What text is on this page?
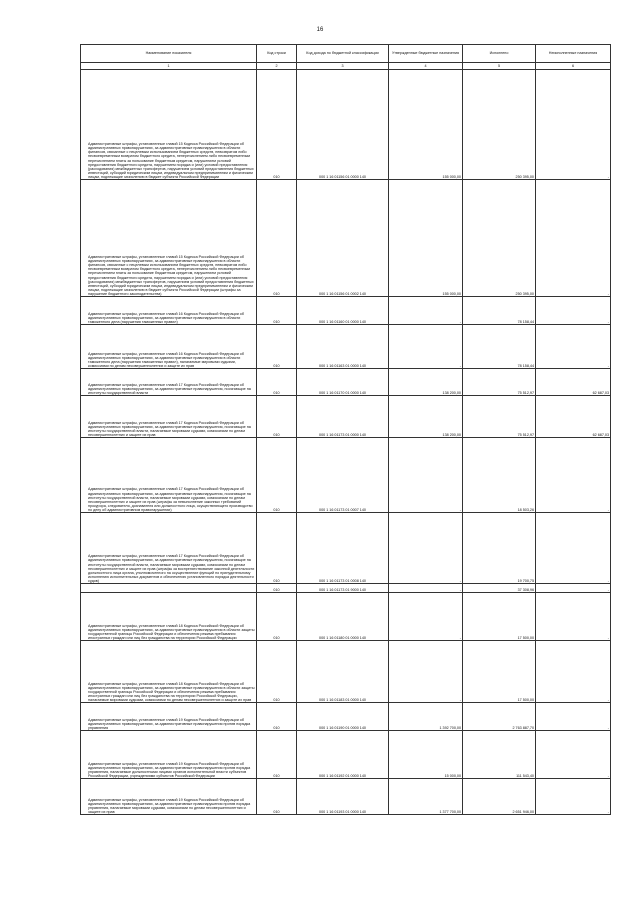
16
Наименование показателя	Код строки	Код дохода по бюджетной классификации	Утвержденные бюджетные назначения	Исполнено	Неисполненные назначения
1	2	3	4	5	6

Административные штрафы, установленные главой 15 Кодекса Российской Федерации об административных правонарушениях, за административные правонарушения в области финансов, связанные с нецелевым использованием бюджетных средств, невозвратом либо несвоевременным возвратом бюджетного кредита, неперечислением либо несвоевременным перечислением платы за пользование бюджетным кредитом, нарушением условий предоставления бюджетного кредита, нарушением порядка и (или) условий предоставления (расходования) межбюджетных трансфертов, нарушением условий предоставления бюджетных инвестиций, субсидий юридическим лицам, индивидуальным предпринимателям и физическим лицам, подлежащие зачислению в бюджет субъекта Российской Федерации	010	000 1 16 01156 01 0000 140	155 000,00	250 395,00	-

Административные штрафы, установленные главой 15 Кодекса Российской Федерации об административных правонарушениях, за административные правонарушения в области финансов, связанные с нецелевым использованием бюджетных средств, невозвратом либо несвоевременным возвратом бюджетного кредита, неперечислением либо несвоевременным перечислением платы за пользование бюджетным кредитом, нарушением условий предоставления бюджетного кредита, нарушением порядка и (или) условий предоставления (расходования) межбюджетных трансфертов, нарушением условий предоставления бюджетных инвестиций, субсидий юридическим лицам, индивидуальным предпринимателям и физическим лицам, подлежащие зачислению в бюджет субъекта Российской Федерации (штрафы за нарушение бюджетного законодательства)	010	000 1 16 01156 01 0002 140	155 000,00	250 395,00	-

Административные штрафы, установленные главой 16 Кодекса Российской Федерации об административных правонарушениях, за административные правонарушения в области таможенного дела (нарушения таможенных правил)	010	000 1 16 01160 01 0000 140	-	78 158,44	-

Административные штрафы, установленные главой 16 Кодекса Российской Федерации об административных правонарушениях, за административные правонарушения в области таможенного дела (нарушения таможенных правил), налагаемые мировыми судьями, комиссиями по делам несовершеннолетних и защите их прав	010	000 1 16 01163 01 0000 140	-	78 158,44	-

Административные штрафы, установленные главой 17 Кодекса Российской Федерации об административных правонарушениях, за административные правонарушения, посягающие на институты государственной власти	010	000 1 16 01170 01 0000 140	138 200,00	75 512,97	62 687,03

Административные штрафы, установленные главой 17 Кодекса Российской Федерации об административных правонарушениях, за административные правонарушения, посягающие на институты государственной власти, налагаемые мировыми судьями, комиссиями по делам несовершеннолетних и защите их прав	010	000 1 16 01173 01 0000 140	138 200,00	75 512,97	62 687,03

Административные штрафы, установленные главой 17 Кодекса Российской Федерации об административных правонарушениях, за административные правонарушения, посягающие на институты государственной власти, налагаемые мировыми судьями, комиссиями по делам несовершеннолетних и защите их прав (штрафы за невыполнение законных требований прокурора, следователя, дознавателя или должностного лица, осуществляющего производство по делу об административном правонарушении)	010	000 1 16 01173 01 0007 140	-	18 503,26	-

Административные штрафы, установленные главой 17 Кодекса Российской Федерации об административных правонарушениях, за административные правонарушения, посягающие на институты государственной власти, налагаемые мировыми судьями, комиссиями по делам несовершеннолетних и защите их прав (штрафы за воспрепятствование законной деятельности должностного лица органа, уполномоченного на осуществление функций по принудительному исполнению исполнительных документов и обеспечению установленного порядка деятельности судов)	010	000 1 16 01173 01 0008 140	-	19 700,75	-

	010	000 1 16 01173 01 9000 140	-	37 308,96	-

Административные штрафы, установленные главой 18 Кодекса Российской Федерации об административных правонарушениях, за административные правонарушения в области защиты государственной границы Российской Федерации и обеспечения режима пребывания иностранных граждан или лиц без гражданства на территории Российской Федерации	010	000 1 16 01180 01 0000 140	-	17 500,00	-

Административные штрафы, установленные главой 18 Кодекса Российской Федерации об административных правонарушениях, за административные правонарушения в области защиты государственной границы Российской Федерации и обеспечения режима пребывания иностранных граждан или лиц без гражданства на территории Российской Федерации, налагаемые мировыми судьями, комиссиями по делам несовершеннолетних и защите их прав	010	000 1 16 01183 01 0000 140	-	17 500,00	-

Административные штрафы, установленные главой 19 Кодекса Российской Федерации об административных правонарушениях, за административные правонарушения против порядка управления	010	000 1 16 01190 01 0000 140	1 392 700,00	2 763 887,70	-

Административные штрафы, установленные главой 19 Кодекса Российской Федерации об административных правонарушениях, за административные правонарушения против порядка управления, налагаемые должностными лицами органов исполнительной власти субъектов Российской Федерации, учреждениями субъектов Российской Федерации	010	000 1 16 01192 01 0000 140	15 000,00	111 543,40	-

Административные штрафы, установленные главой 19 Кодекса Российской Федерации об административных правонарушениях, за административные правонарушения против порядка управления, налагаемые мировыми судьями, комиссиями по делам несовершеннолетних и защите их прав	010	000 1 16 01193 01 0000 140	1 377 700,00	2 651 946,00	-
